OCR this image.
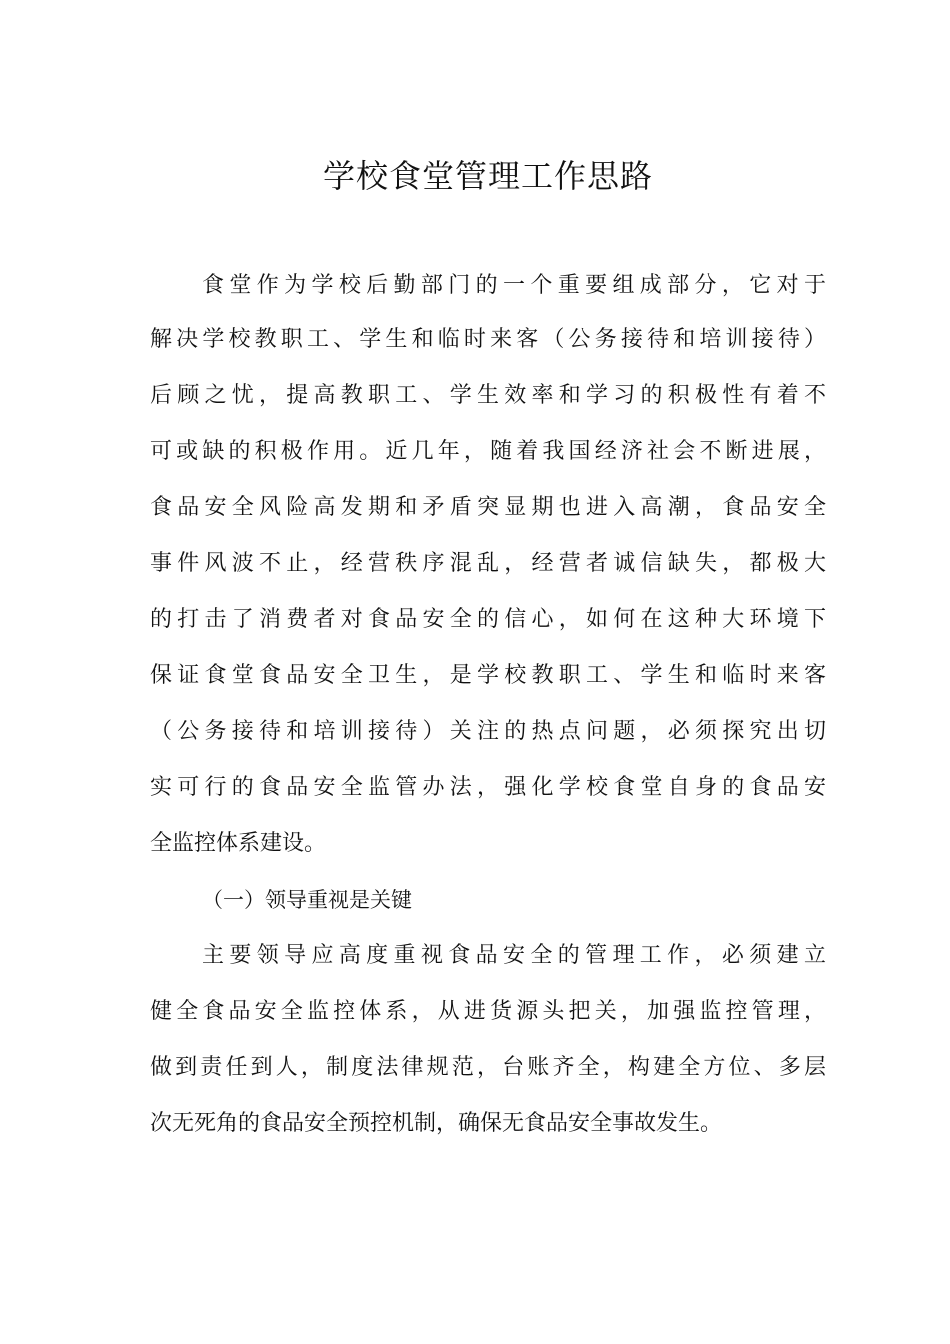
学校食堂管理工作思路

食堂作为学校后勤部门的一个重要组成部分，它对于

解决学校教职工、学生和临时来客（公务接待和培训接待）

后顾之忧，提高教职工、学生效率和学习的积极性有着不

可或缺的积极作用。近几年，随着我国经济社会不断进展，

食品安全风险高发期和矛盾突显期也进入高潮，食品安全

事件风波不止，经营秩序混乱，经营者诚信缺失，都极大

的打击了消费者对食品安全的信心，如何在这种大环境下

保证食堂食品安全卫生，是学校教职工、学生和临时来客

（公务接待和培训接待）关注的热点问题，必须探究出切

实可行的食品安全监管办法，强化学校食堂自身的食品安

全监控体系建设。

（一）领导重视是关键

主要领导应高度重视食品安全的管理工作，必须建立

健全食品安全监控体系，从进货源头把关，加强监控管理，

做到责任到人，制度法律规范，台账齐全，构建全方位、多层

次无死角的食品安全预控机制，确保无食品安全事故发生。
